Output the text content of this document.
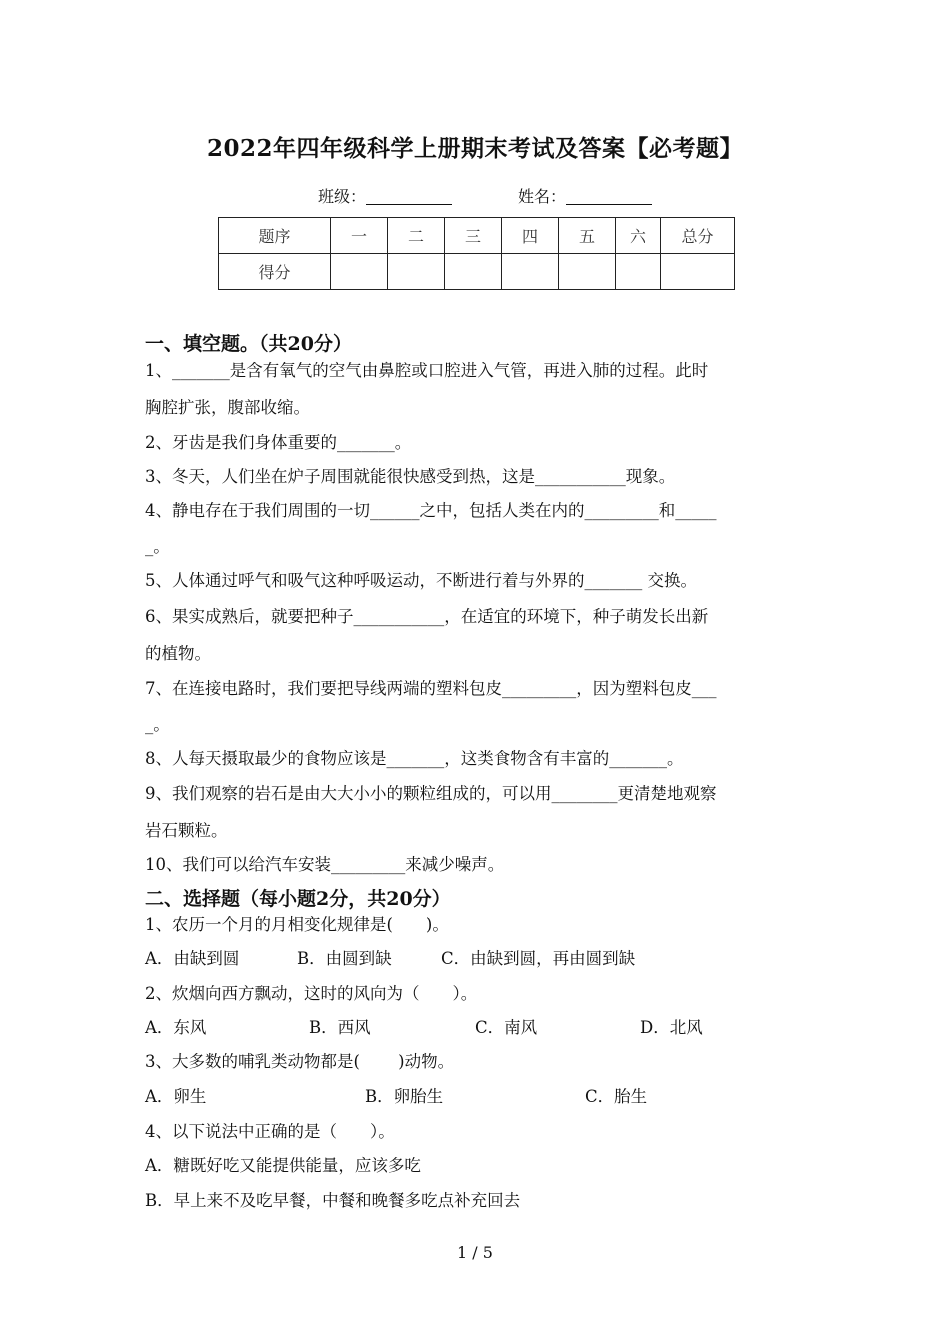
2022年四年级科学上册期末考试及答案【必考题】
班级：	姓名：
题序	一	二	三	四	五	六	总分
得分							
一、填空题。（共20分）
1、_______是含有氧气的空气由鼻腔或口腔进入气管，再进入肺的过程。此时
胸腔扩张，腹部收缩。
2、牙齿是我们身体重要的_______。
3、冬天，人们坐在炉子周围就能很快感受到热，这是___________现象。
4、静电存在于我们周围的一切______之中，包括人类在内的_________和_____
_。
5、人体通过呼气和吸气这种呼吸运动，不断进行着与外界的_______ 交换。
6、果实成熟后，就要把种子___________，在适宜的环境下，种子萌发长出新
的植物。
7、在连接电路时，我们要把导线两端的塑料包皮_________，因为塑料包皮___
_。
8、人每天摄取最少的食物应该是_______，这类食物含有丰富的_______。
9、我们观察的岩石是由大大小小的颗粒组成的，可以用________更清楚地观察
岩石颗粒。
10、我们可以给汽车安装_________来减少噪声。
二、选择题（每小题2分，共20分）
1、农历一个月的月相变化规律是(　　)。
A．由缺到圆	B．由圆到缺	C．由缺到圆，再由圆到缺
2、炊烟向西方飘动，这时的风向为（　　）。
A．东风	B．西风	C．南风	D．北风
3、大多数的哺乳类动物都是(　　 )动物。
A．卵生	B．卵胎生	C．胎生
4、以下说法中正确的是（　　）。
A．糖既好吃又能提供能量，应该多吃
B．早上来不及吃早餐，中餐和晚餐多吃点补充回去
1 / 5
